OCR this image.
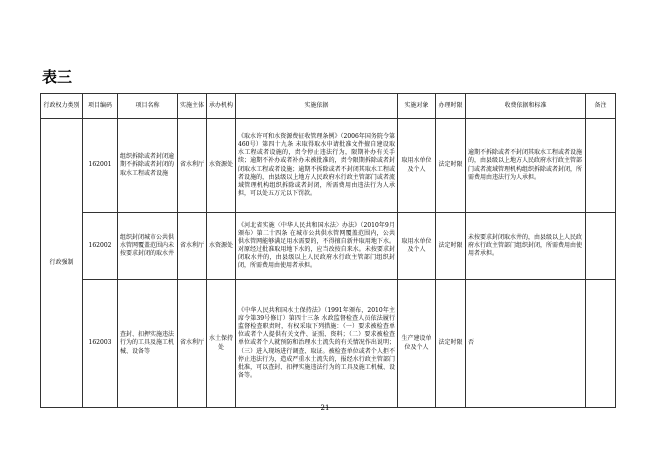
表三
行政权力类别	项目编码	项目名称	实施主体	承办机构	实施依据	实施对象	办理时限	收费依据和标准	备注
行政强制	162001	组织拆除或者封闭逾期不拆除或者封闭的取水工程或者设施	省水利厅	水资源处	《取水许可和水资源费征收管理条例》（2006年国务院令第460号）第四十九条 未取得取水申请批准文件擅自建设取水工程或者设施的，责令停止违法行为，限期补办有关手续；逾期不补办或者补办未被批准的，责令限期拆除或者封闭取水工程或者设施；逾期不拆除或者不封闭其取水工程或者设施的，由县级以上地方人民政府水行政主管部门或者流域管理机构组织拆除或者封闭，所需费用由违法行为人承担，可以处五万元以下罚款。	取用水单位及个人	法定时限	逾期不拆除或者不封闭其取水工程或者设施的，由县级以上地方人民政府水行政主管部门或者流域管理机构组织拆除或者封闭，所需费用由违法行为人承担。	
	162002	组织封闭城市公共供水管网覆盖范围内未按要求封闭的取水井	省水利厅	水资源处	《河北省实施〈中华人民共和国水法〉办法》（2010年9月颁布）第二十四条 在城市公共供水管网覆盖范围内，公共供水管网能够满足用水需要的，不得擅自新井取用地下水。对原经过批准取用地下水的，应当改按自来水。未按要求封闭取水井的，由县级以上人民政府水行政主管部门组织封闭，所需费用由使用者承担。	取用水单位及个人	法定时限	未按要求封闭取水井的，由县级以上人民政府水行政主管部门组织封闭，所需费用由使用者承担。	
	162003	查封、扣押实施违法行为的工具及施工机械、设备等	省水利厅	水土保持处	《中华人民共和国水土保持法》（1991年颁布，2010年主席令第39号修订）第四十三条 水政监督检查人员依法履行监督检查职责时，有权采取下列措施：（一）要求被检查单位或者个人提供有关文件、证照、资料；（二）要求被检查单位或者个人就预防和治理水土流失的有关情况作出说明；（三）进入现场进行调查、取证。被检查单位或者个人拒不停止违法行为，造成严重水土流失的，报经水行政主管部门批准，可以查封、扣押实施违法行为的工具及施工机械、设备等。	生产建设单位及个人	法定时限	否	
21
